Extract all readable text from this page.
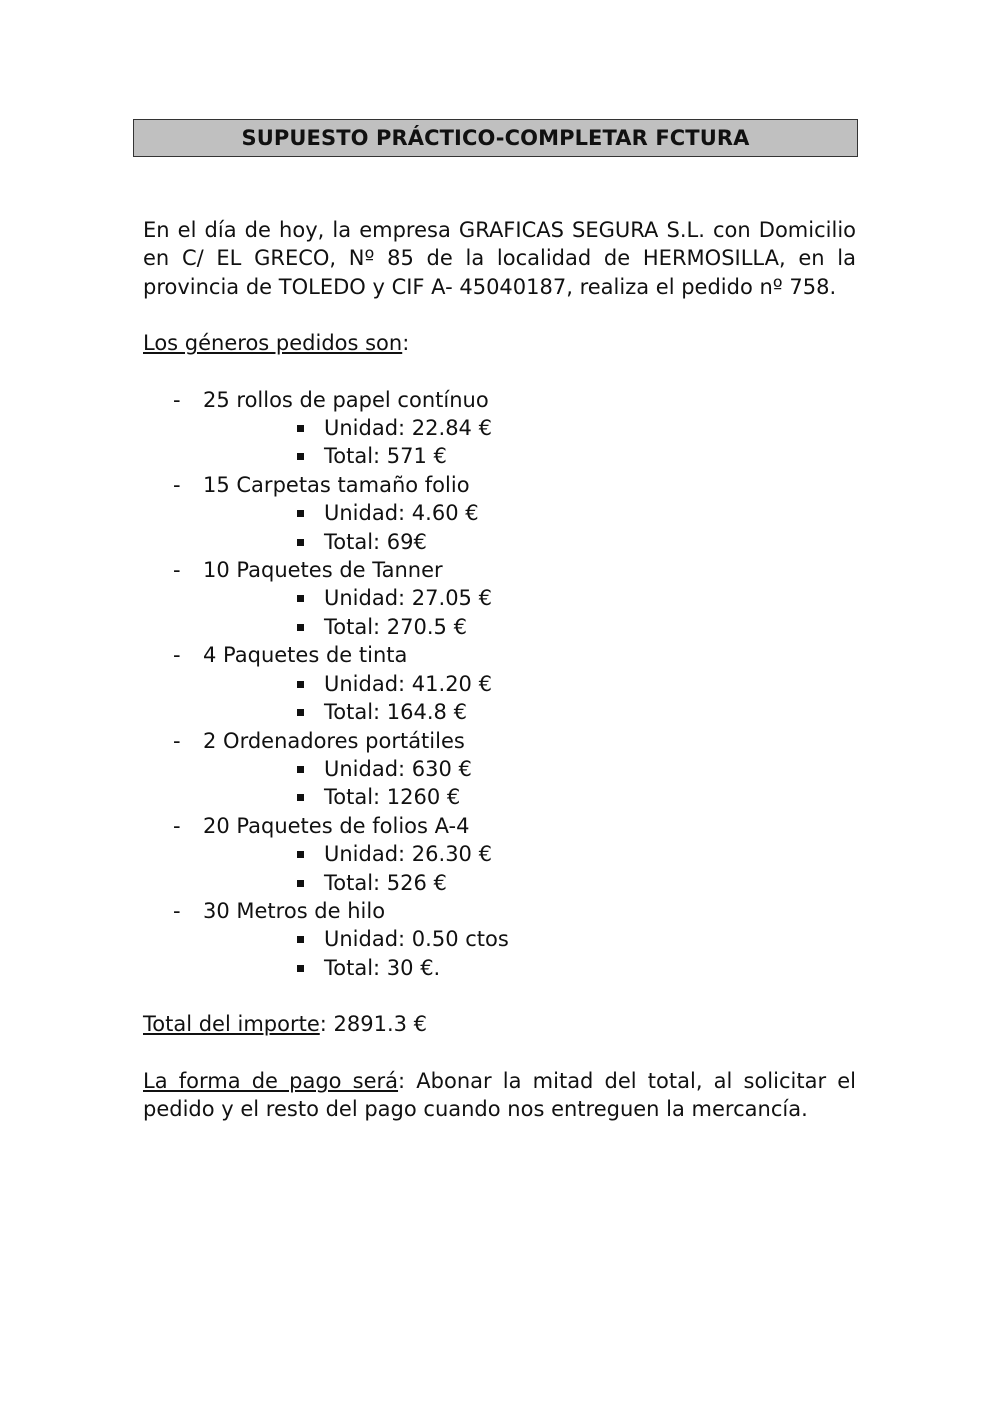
SUPUESTO PRÁCTICO-COMPLETAR FCTURA

En el día de hoy, la empresa GRAFICAS SEGURA S.L. con Domicilio en C/ EL GRECO, Nº 85 de la localidad de HERMOSILLA, en la provincia de TOLEDO y CIF A- 45040187, realiza el pedido nº 758.

Los géneros pedidos son:

- 25 rollos de papel contínuo
Unidad: 22.84 €
Total: 571 €
- 15 Carpetas tamaño folio
Unidad: 4.60 €
Total: 69€
- 10 Paquetes de Tanner
Unidad: 27.05 €
Total: 270.5 €
- 4 Paquetes de tinta
Unidad: 41.20 €
Total: 164.8 €
- 2 Ordenadores portátiles
Unidad: 630 €
Total: 1260 €
- 20 Paquetes de folios A-4
Unidad: 26.30 €
Total: 526 €
- 30 Metros de hilo
Unidad: 0.50 ctos
Total: 30 €.

Total del importe: 2891.3 €

La forma de pago será: Abonar la mitad del total, al solicitar el pedido y el resto del pago cuando nos entreguen la mercancía.
